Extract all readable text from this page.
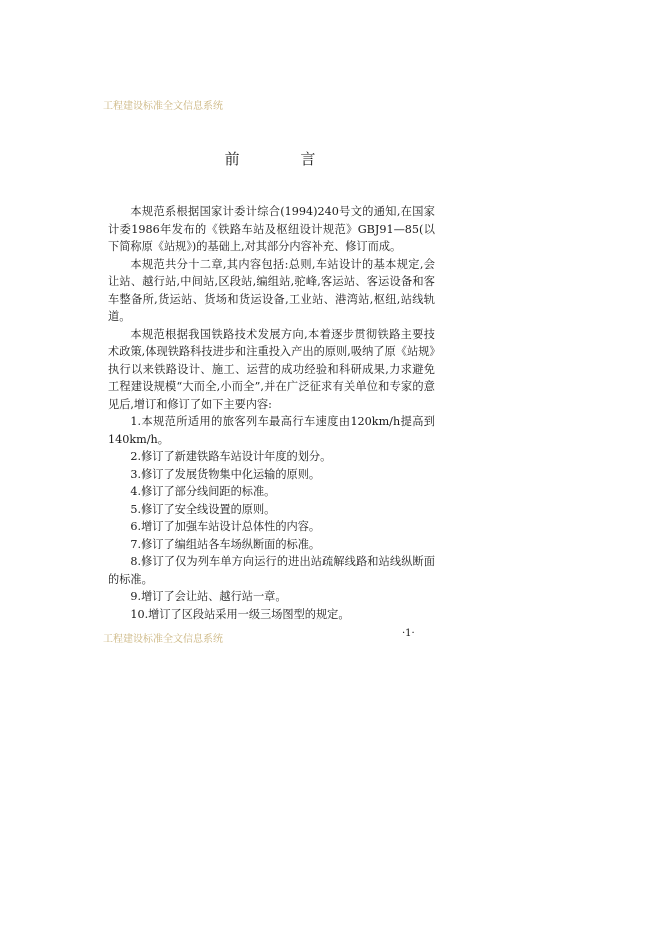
工程建设标准全文信息系统
前 言

本规范系根据国家计委计综合(1994)240号文的通知,在国家计委1986年发布的《铁路车站及枢纽设计规范》GBJ91—85(以下简称原《站规》)的基础上,对其部分内容补充、修订而成。

本规范共分十二章,其内容包括:总则,车站设计的基本规定,会让站、越行站,中间站,区段站,编组站,驼峰,客运站、客运设备和客车整备所,货运站、货场和货运设备,工业站、港湾站,枢纽,站线轨道。

本规范根据我国铁路技术发展方向,本着逐步贯彻铁路主要技术政策,体现铁路科技进步和注重投入产出的原则,吸纳了原《站规》执行以来铁路设计、施工、运营的成功经验和科研成果,力求避免工程建设规模“大而全,小而全”,并在广泛征求有关单位和专家的意见后,增订和修订了如下主要内容:

1.本规范所适用的旅客列车最高行车速度由120km/h提高到140km/h。

2.修订了新建铁路车站设计年度的划分。

3.修订了发展货物集中化运输的原则。

4.修订了部分线间距的标准。

5.修订了安全线设置的原则。

6.增订了加强车站设计总体性的内容。

7.修订了编组站各车场纵断面的标准。

8.修订了仅为列车单方向运行的进出站疏解线路和站线纵断面的标准。

9.增订了会让站、越行站一章。

10.增订了区段站采用一级三场图型的规定。

工程建设标准全文信息系统
·1·
